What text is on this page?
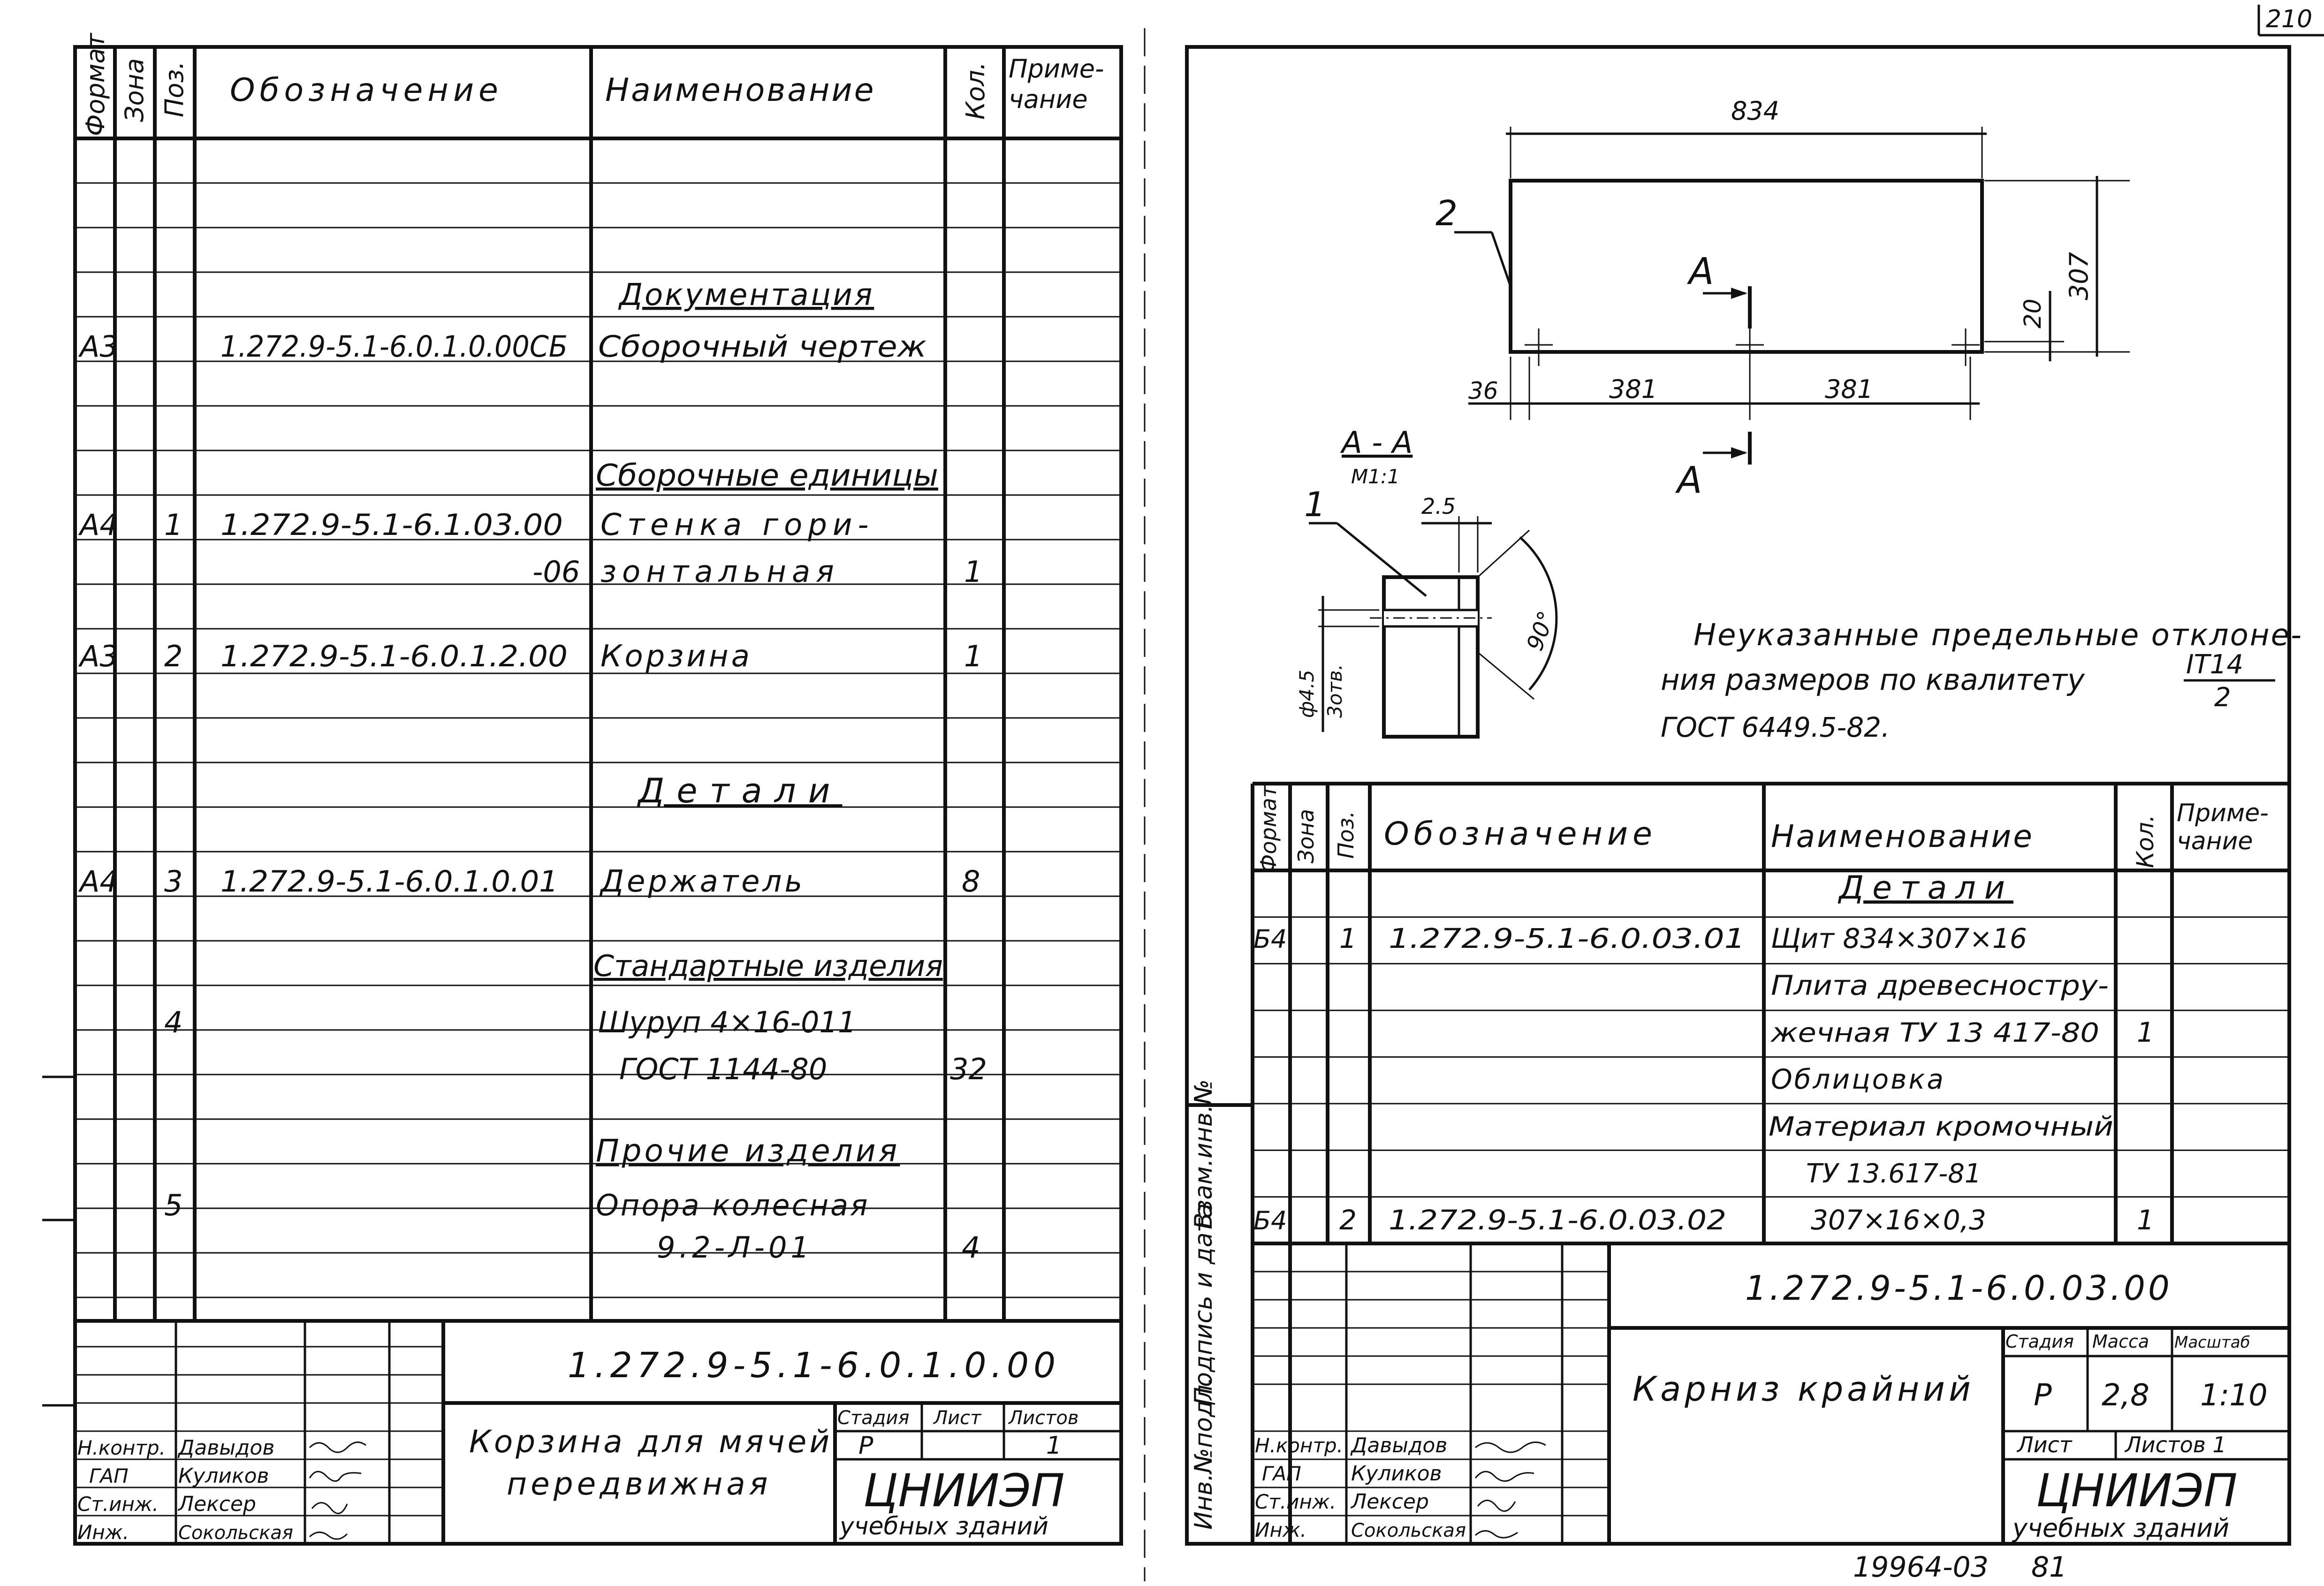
Формат Зона Поз. Обозначение	Наименование	Кол. Приме-
чание
Документация
А3	1.272.9-5.1-6.0.1.0.00СБ Сборочный чертеж
Сборочные единицы
А4 1 1.272.9-5.1-6.1.03.00 Стенка гори-
-06 зонтальная	1
А3 2 1.272.9-5.1-6.0.1.2.00 Корзина	1
Детали
А4 3 1.272.9-5.1-6.0.1.0.01 Держатель	8
Стандартные изделия
4	Шуруп 4×16-011
ГОСТ 1144-80	32
Прочие изделия
5	Опора колесная
9.2-Л-01	4
1.272.9-5.1-6.0.1.0.00
Корзина для мячей
передвижная
Стадия Лист Листов
Р	1
ЦНИИЭП
учебных зданий
Н.контр. Давыдов
ГАП Куликов
Ст.инж. Лексер
Инж.	Сокольская
210
Инв.№подл.
Подпись и дата
Взам.инв.№
834
307
20
36	381	381
2
А
А
А - А
М1:1
2.5
1
ф4.5 3отв.
90°	Неуказанные предельные отклоне-
ния размеров по квалитету
ГОСТ 6449.5-82.
IT14
2
Формат Зона Поз. Обозначение	Наименование	Кол.
Приме-
чание
Детали
Б4 1 1.272.9-5.1-6.0.03.01 Щит 834×307×16
Плита древесностру-
жечная ТУ 13 417-80 1
Облицовка
Материал кромочный
ТУ 13.617-81
Б4 2 1.272.9-5.1-6.0.03.02	307×16×0,3	1
1.272.9-5.1-6.0.03.00
Карниз крайний
Стадия Масса Масштаб
Р 2,8 1:10
Лист Листов 1
ЦНИИЭП
учебных зданий
Н.контр. Давыдов
ГАП Куликов
Ст.инж. Лексер
Инж. Сокольская
19964-03 81
